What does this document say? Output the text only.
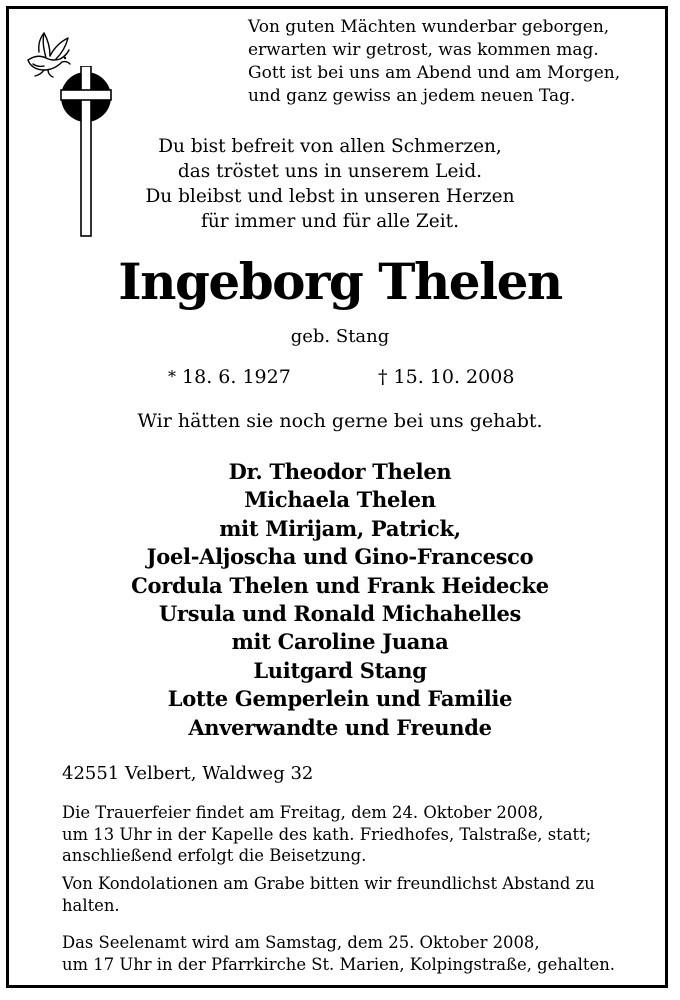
Von guten Mächten wunderbar geborgen,
erwarten wir getrost, was kommen mag.
Gott ist bei uns am Abend und am Morgen,
und ganz gewiss an jedem neuen Tag.
Du bist befreit von allen Schmerzen,
das tröstet uns in unserem Leid.
Du bleibst und lebst in unseren Herzen
für immer und für alle Zeit.
Ingeborg Thelen
geb. Stang
* 18. 6. 1927	† 15. 10. 2008
Wir hätten sie noch gerne bei uns gehabt.
Dr. Theodor Thelen
Michaela Thelen
mit Mirijam, Patrick,
Joel-Aljoscha und Gino-Francesco
Cordula Thelen und Frank Heidecke
Ursula und Ronald Michahelles
mit Caroline Juana
Luitgard Stang
Lotte Gemperlein und Familie
Anverwandte und Freunde
42551 Velbert, Waldweg 32
Die Trauerfeier findet am Freitag, dem 24. Oktober 2008,
um 13 Uhr in der Kapelle des kath. Friedhofes, Talstraße, statt;
anschließend erfolgt die Beisetzung.
Von Kondolationen am Grabe bitten wir freundlichst Abstand zu
halten.
Das Seelenamt wird am Samstag, dem 25. Oktober 2008,
um 17 Uhr in der Pfarrkirche St. Marien, Kolpingstraße, gehalten.
